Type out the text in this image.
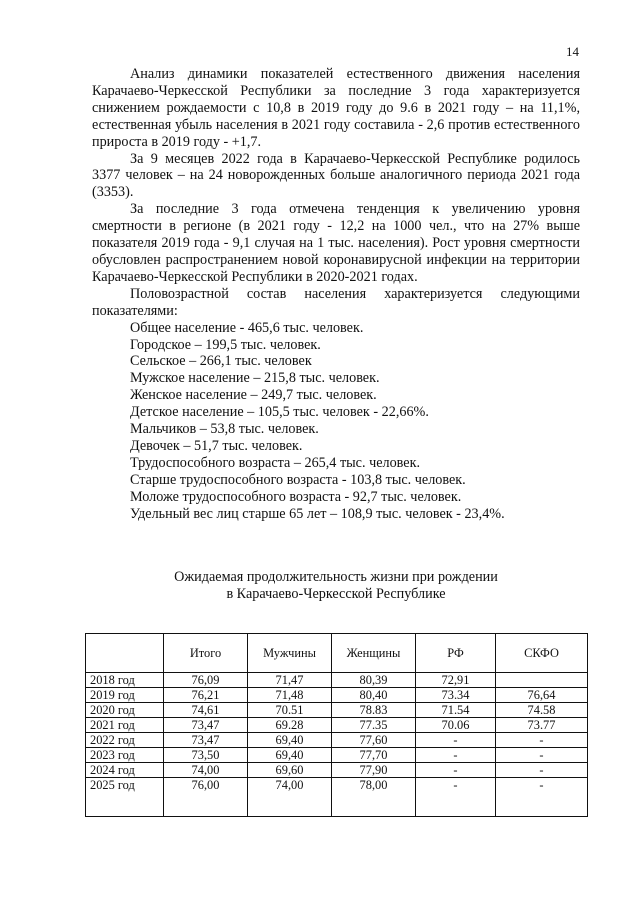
14

Анализ динамики показателей естественного движения населения Карачаево-Черкесской Республики за последние 3 года характеризуется снижением рождаемости с 10,8 в 2019 году до 9.6 в 2021 году – на 11,1%, естественная убыль населения в 2021 году составила - 2,6 против естественного прироста в 2019 году - +1,7.

За 9 месяцев 2022 года в Карачаево-Черкесской Республике родилось 3377 человек – на 24 новорожденных больше аналогичного периода 2021 года (3353).

За последние 3 года отмечена тенденция к увеличению уровня смертности в регионе (в 2021 году - 12,2 на 1000 чел., что на 27% выше показателя 2019 года - 9,1 случая на 1 тыс. населения). Рост уровня смертности обусловлен распространением новой коронавирусной инфекции на территории Карачаево-Черкесской Республики в 2020-2021 годах.

Половозрастной состав населения характеризуется следующими показателями:

Общее население - 465,6 тыс. человек.
Городское – 199,5 тыс. человек.
Сельское – 266,1 тыс. человек
Мужское население – 215,8 тыс. человек.
Женское население – 249,7 тыс. человек.
Детское население – 105,5 тыс. человек - 22,66%.
Мальчиков – 53,8 тыс. человек.
Девочек – 51,7 тыс. человек.
Трудоспособного возраста – 265,4 тыс. человек.
Старше трудоспособного возраста - 103,8 тыс. человек.
Моложе трудоспособного возраста - 92,7 тыс. человек.
Удельный вес лиц старше 65 лет – 108,9 тыс. человек - 23,4%.
Ожидаемая продолжительность жизни при рождении
в Карачаево-Черкесской Республике
	Итого	Мужчины	Женщины	РФ	СКФО
2018 год	76,09	71,47	80,39	72,91	
2019 год	76,21	71,48	80,40	73.34	76,64
2020 год	74,61	70.51	78.83	71.54	74.58
2021 год	73,47	69.28	77.35	70.06	73.77
2022 год	73,47	69,40	77,60	-	-
2023 год	73,50	69,40	77,70	-	-
2024 год	74,00	69,60	77,90	-	-
2025 год	76,00	74,00	78,00	-	-
